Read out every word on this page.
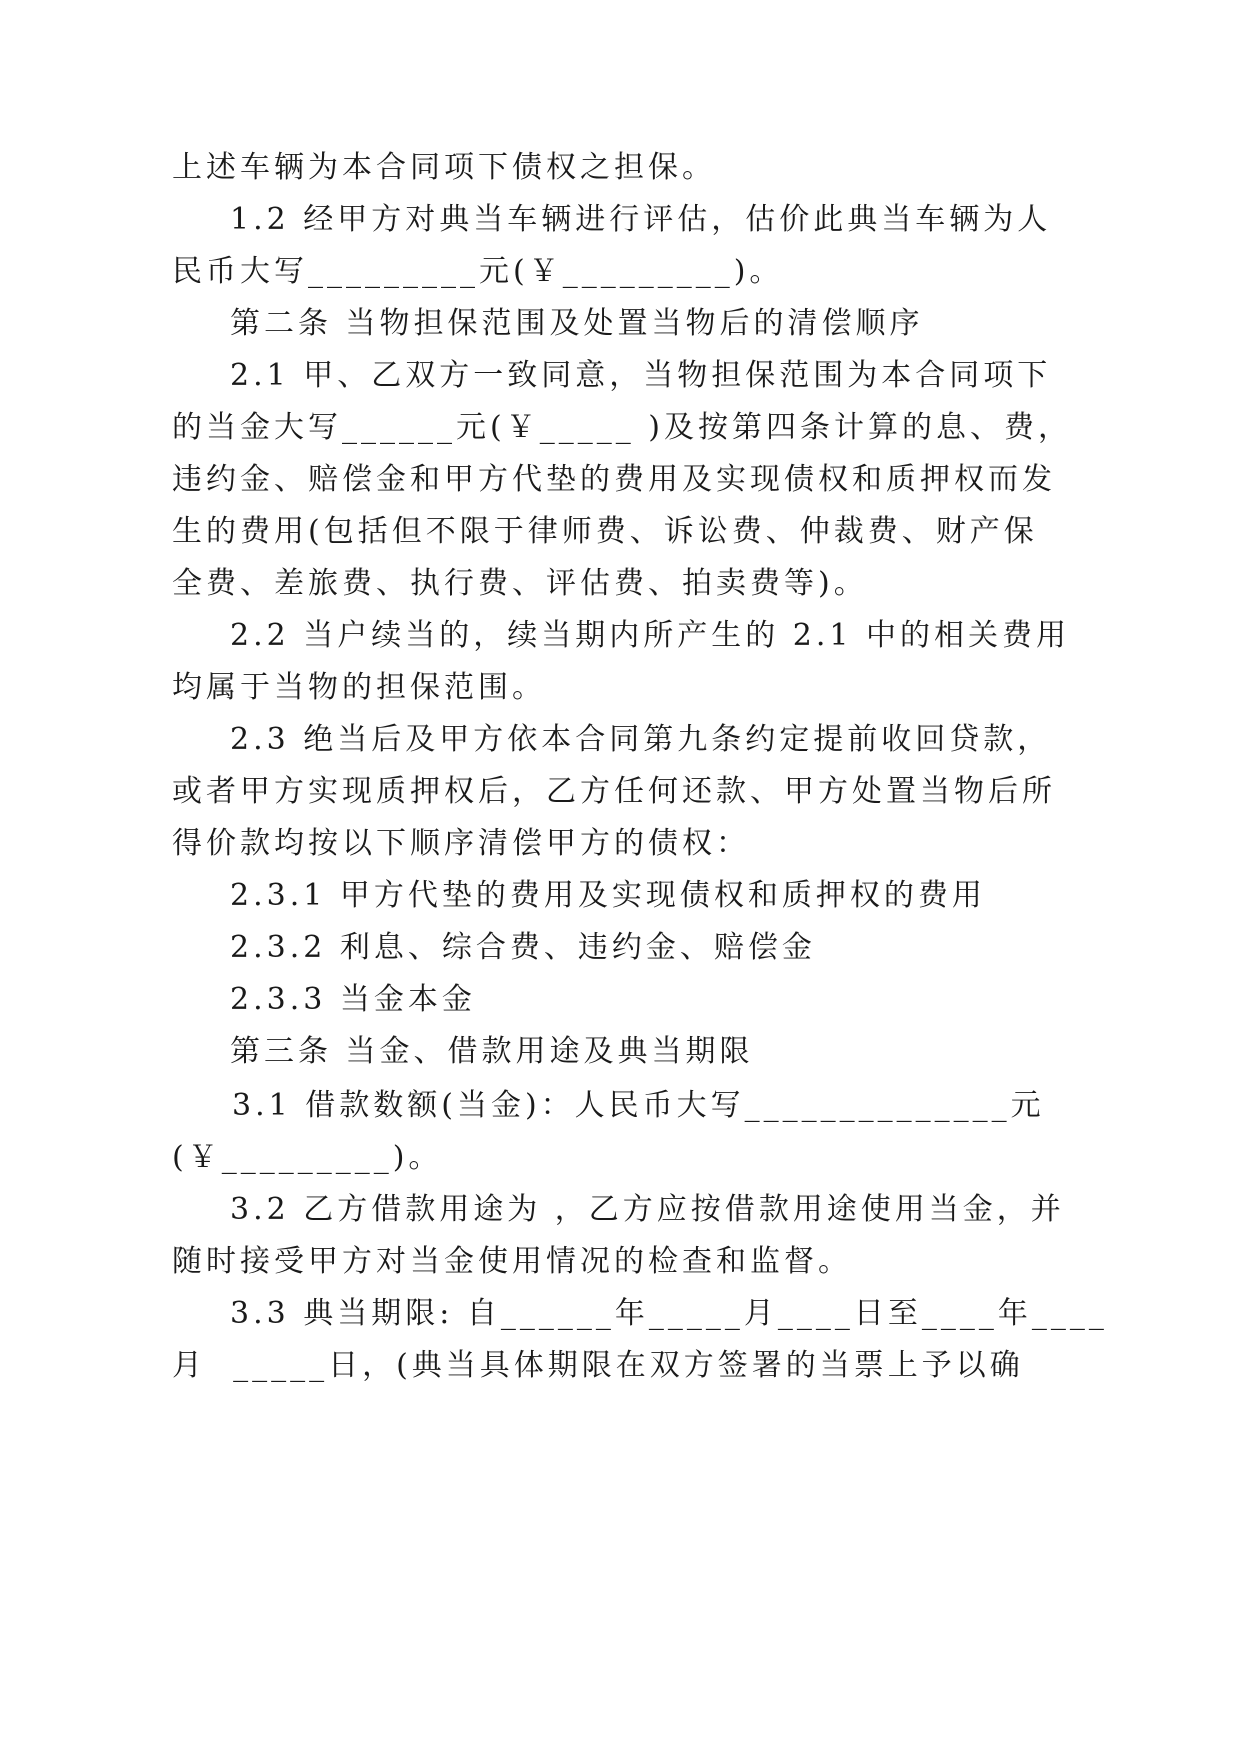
上述车辆为本合同项下债权之担保。
1.2 经甲方对典当车辆进行评估，估价此典当车辆为人
民币大写_________元(￥_________)。
第二条 当物担保范围及处置当物后的清偿顺序
2.1 甲、乙双方一致同意，当物担保范围为本合同项下
的当金大写______元(￥_____ )及按第四条计算的息、费，
违约金、赔偿金和甲方代垫的费用及实现债权和质押权而发
生的费用(包括但不限于律师费、诉讼费、仲裁费、财产保
全费、差旅费、执行费、评估费、拍卖费等)。
2.2 当户续当的，续当期内所产生的 2.1 中的相关费用
均属于当物的担保范围。
2.3 绝当后及甲方依本合同第九条约定提前收回贷款，
或者甲方实现质押权后，乙方任何还款、甲方处置当物后所
得价款均按以下顺序清偿甲方的债权：
2.3.1 甲方代垫的费用及实现债权和质押权的费用
2.3.2 利息、综合费、违约金、赔偿金
2.3.3 当金本金
第三条 当金、借款用途及典当期限
3.1 借款数额(当金)：人民币大写______________元
(￥_________)。
3.2 乙方借款用途为 ，乙方应按借款用途使用当金，并
随时接受甲方对当金使用情况的检查和监督。
3.3 典当期限: 自______年_____月____日至____年____
月  _____日，(典当具体期限在双方签署的当票上予以确
